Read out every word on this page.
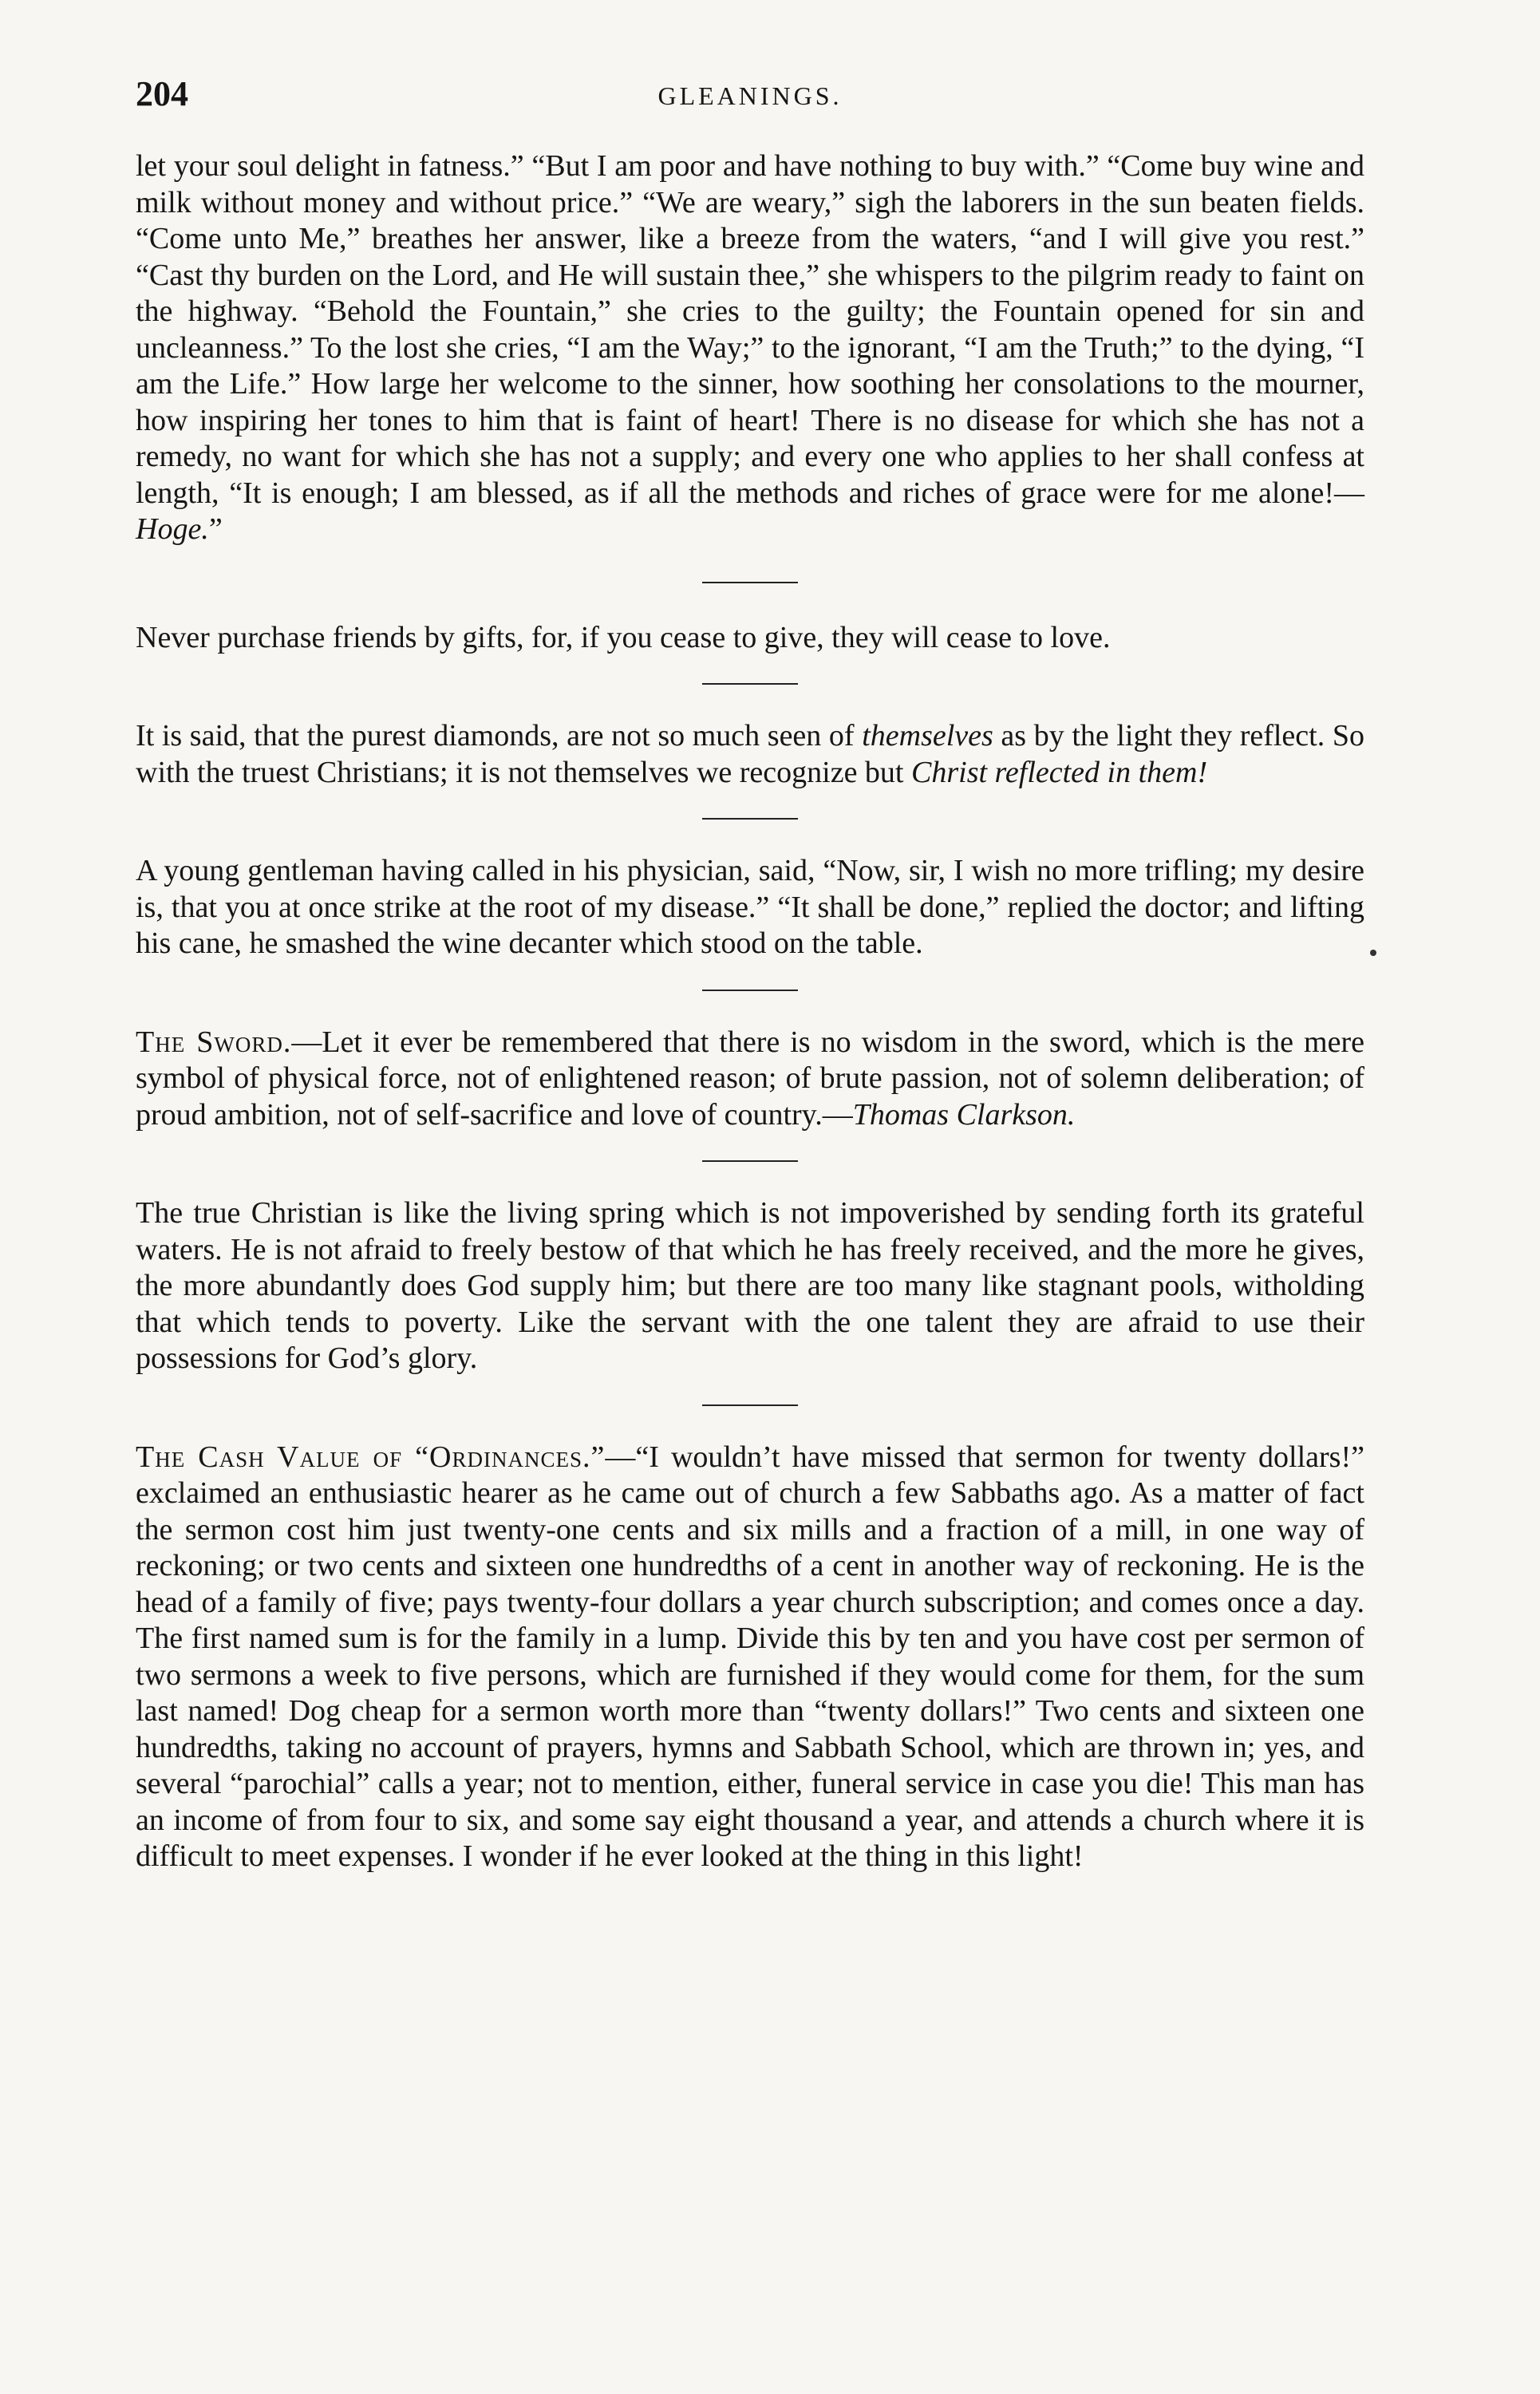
204	GLEANINGS.

let your soul delight in fatness.” “But I am poor and have nothing to buy with.” “Come buy wine and milk without money and without price.” “We are weary,” sigh the laborers in the sun beaten fields. “Come unto Me,” breathes her answer, like a breeze from the waters, “and I will give you rest.” “Cast thy burden on the Lord, and He will sustain thee,” she whispers to the pilgrim ready to faint on the highway. “Behold the Fountain,” she cries to the guilty; the Fountain opened for sin and uncleanness.” To the lost she cries, “I am the Way;” to the ignorant, “I am the Truth;” to the dying, “I am the Life.” How large her welcome to the sinner, how soothing her consolations to the mourner, how inspiring her tones to him that is faint of heart! There is no disease for which she has not a remedy, no want for which she has not a supply; and every one who applies to her shall confess at length, “It is enough; I am blessed, as if all the methods and riches of grace were for me alone!—Hoge.”

Never purchase friends by gifts, for, if you cease to give, they will cease to love.

It is said, that the purest diamonds, are not so much seen of themselves as by the light they reflect. So with the truest Christians; it is not themselves we recognize but Christ reflected in them!

A young gentleman having called in his physician, said, “Now, sir, I wish no more trifling; my desire is, that you at once strike at the root of my disease.” “It shall be done,” replied the doctor; and lifting his cane, he smashed the wine decanter which stood on the table.

The Sword.—Let it ever be remembered that there is no wisdom in the sword, which is the mere symbol of physical force, not of enlightened reason; of brute passion, not of solemn deliberation; of proud ambition, not of self-sacrifice and love of country.—Thomas Clarkson.

The true Christian is like the living spring which is not impoverished by sending forth its grateful waters. He is not afraid to freely bestow of that which he has freely received, and the more he gives, the more abundantly does God supply him; but there are too many like stagnant pools, witholding that which tends to poverty. Like the servant with the one talent they are afraid to use their possessions for God’s glory.

The Cash Value of “Ordinances.”—“I wouldn’t have missed that sermon for twenty dollars!” exclaimed an enthusiastic hearer as he came out of church a few Sabbaths ago. As a matter of fact the sermon cost him just twenty-one cents and six mills and a fraction of a mill, in one way of reckoning; or two cents and sixteen one hundredths of a cent in another way of reckoning. He is the head of a family of five; pays twenty-four dollars a year church subscription; and comes once a day. The first named sum is for the family in a lump. Divide this by ten and you have cost per sermon of two sermons a week to five persons, which are furnished if they would come for them, for the sum last named! Dog cheap for a sermon worth more than “twenty dollars!” Two cents and sixteen one hundredths, taking no account of prayers, hymns and Sabbath School, which are thrown in; yes, and several “parochial” calls a year; not to mention, either, funeral service in case you die! This man has an income of from four to six, and some say eight thousand a year, and attends a church where it is difficult to meet expenses. I wonder if he ever looked at the thing in this light!
